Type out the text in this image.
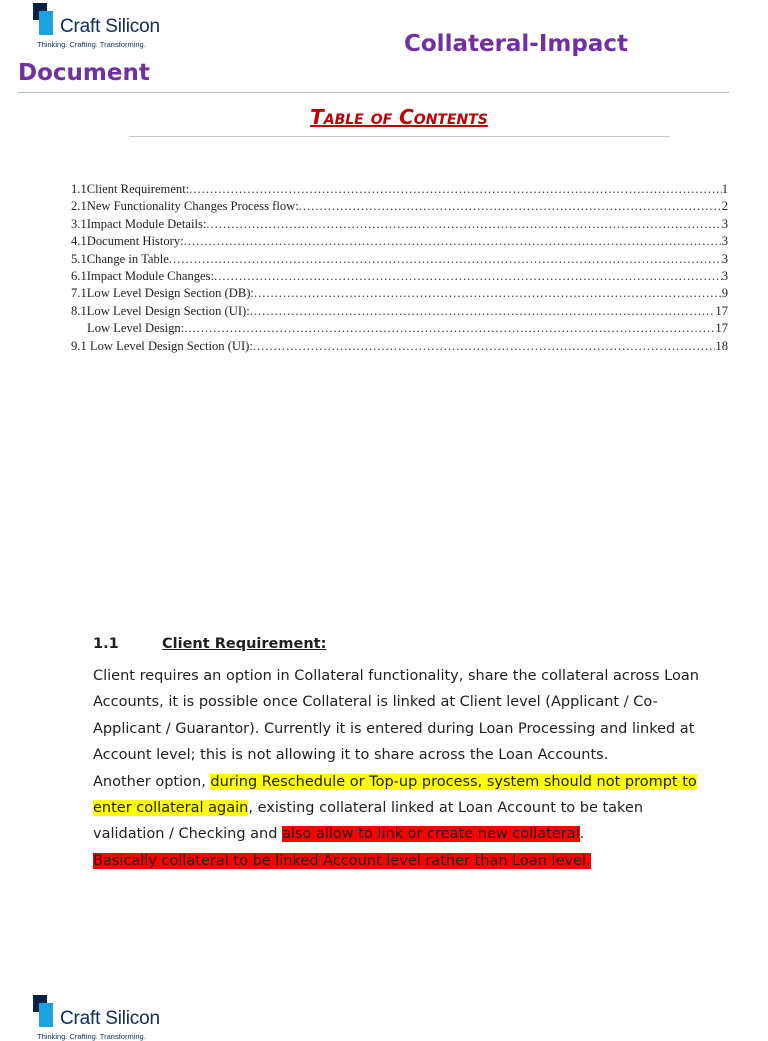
Craft Silicon
Thinking. Crafting. Transforming.	Collateral-Impact
Document
Table of Contents
1.1Client Requirement: .....	1
2.1New Functionality Changes Process flow: .....	2
3.1Impact Module Details: .....	3
4.1Document History: .....	3
5.1Change in Table .....	3
6.1Impact Module Changes: .....	3
7.1Low Level Design Section (DB): .....	9
8.1Low Level Design Section (UI): .....	17
Low Level Design: .....	17
9.1 Low Level Design Section (UI): .....	18
1.1	Client Requirement:

Client requires an option in Collateral functionality, share the collateral across Loan
Accounts, it is possible once Collateral is linked at Client level (Applicant / Co-
Applicant / Guarantor). Currently it is entered during Loan Processing and linked at
Account level; this is not allowing it to share across the Loan Accounts.
Another option, during Reschedule or Top-up process, system should not prompt to
enter collateral again, existing collateral linked at Loan Account to be taken
validation / Checking and also allow to link or create new collateral.
Basically collateral to be linked Account level rather than Loan level.

Craft Silicon
Thinking. Crafting. Transforming.
